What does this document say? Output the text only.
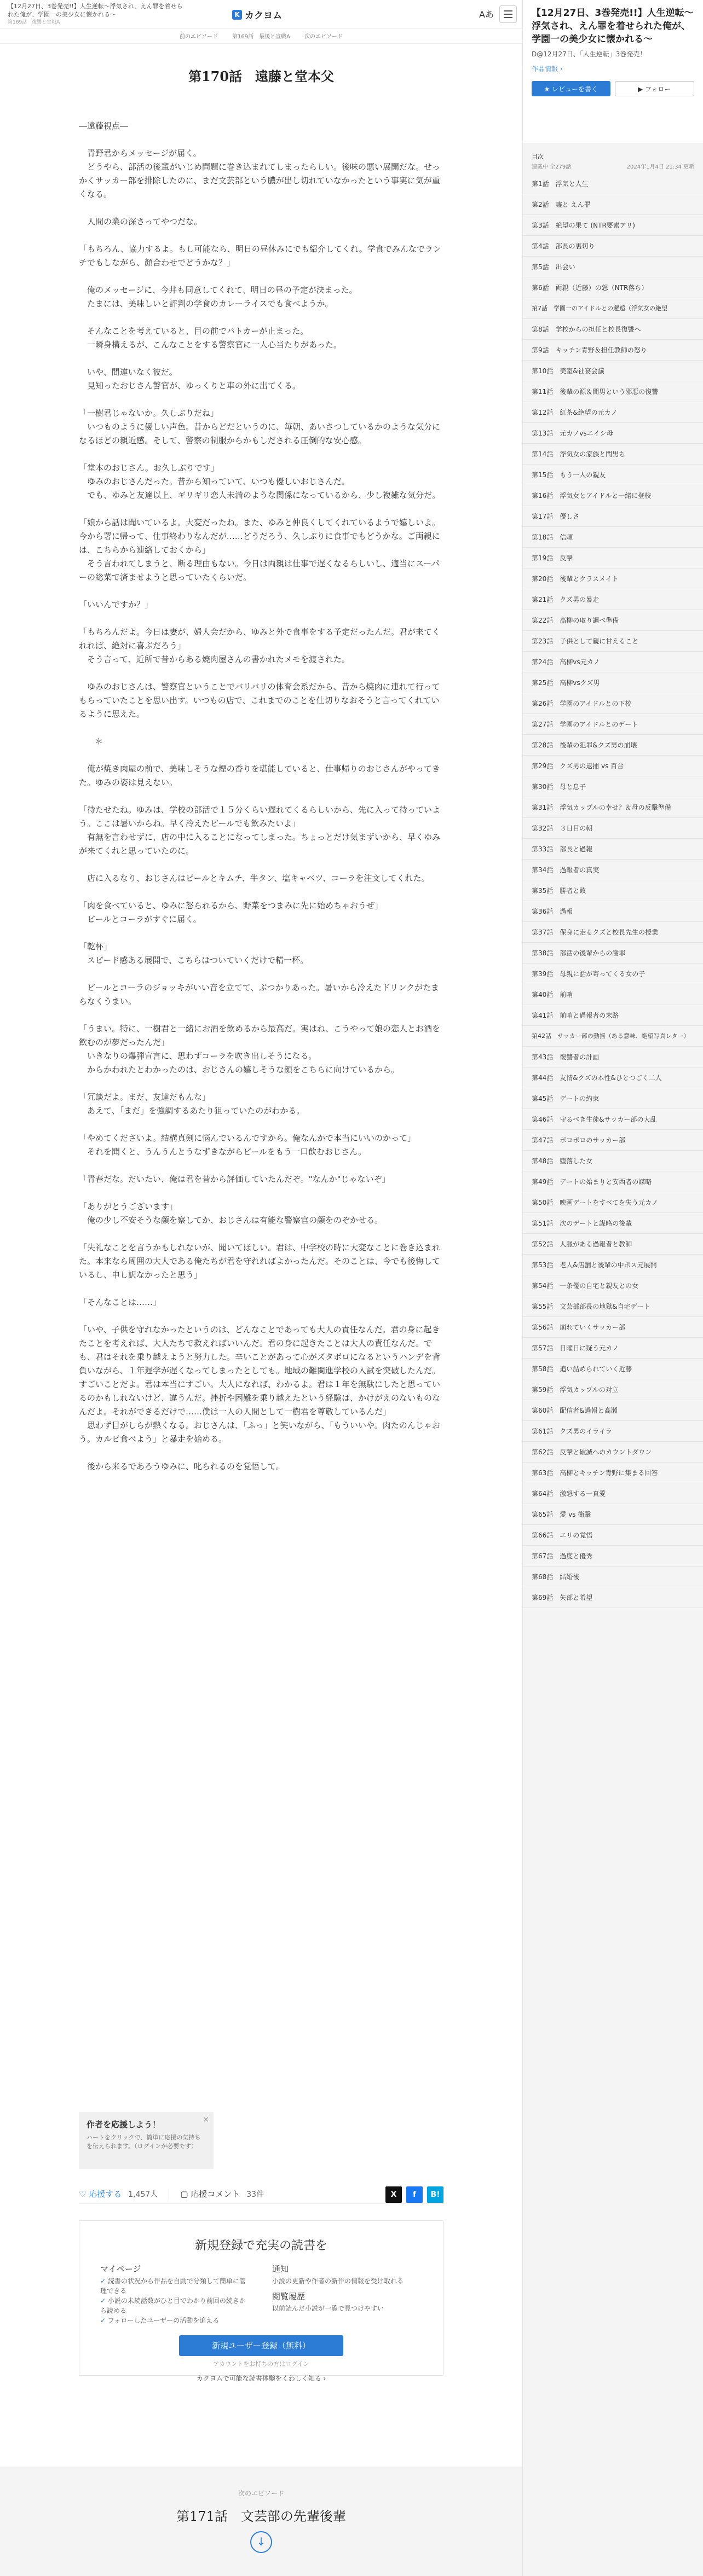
【12月27日、3巻発売!!】人生逆転〜浮気され、えん罪を着せられた俺が、学園一の美少女に懐かれる〜
第169話　復讐と宣戦A
K カクヨム	Aあ
前のエピソード	第169話　最後と宣戦A	次のエピソード
第170話　遠藤と堂本父

―遠藤視点―

　青野君からメッセージが届く。
　どうやら、部活の後輩がいじめ問題に巻き込まれてしまったらしい。後味の悪い展開だな。せっかくサッカー部を排除したのに、まだ文芸部という膿が出し切れていなかったという事実に気が重くなる。

　人間の業の深さってやつだな。

「もちろん、協力するよ。もし可能なら、明日の昼休みにでも紹介してくれ。学食でみんなでランチでもしながら、顔合わせでどうかな？」

　俺のメッセージに、今井も同意してくれて、明日の昼の予定が決まった。
　たまには、美味しいと評判の学食のカレーライスでも食べようか。

　そんなことを考えていると、目の前でパトカーが止まった。
　一瞬身構えるが、こんなことをする警察官に一人心当たりがあった。

　いや、間違いなく彼だ。
　見知ったおじさん警官が、ゆっくりと車の外に出てくる。

「一樹君じゃないか。久しぶりだね」
　いつものように優しい声色。昔からどだというのに、毎朝、あいさつしているかのような気分になるほどの親近感。そして、警察の制服からかもしだされる圧倒的な安心感。

「堂本のおじさん。お久しぶりです」
　ゆみのおじさんだった。昔から知っていて、いつも優しいおじさんだ。
　でも、ゆみと友達以上、ギリギリ恋人未満のような関係になっているから、少し複雑な気分だ。

「娘から話は聞いているよ。大変だったね。また、ゆみと仲良くしてくれているようで嬉しいよ。今から署に帰って、仕事終わりなんだが……どうだろう、久しぶりに食事でもどうかな。ご両親には、こちらから連絡しておくから」
　そう言われてしまうと、断る理由もない。今日は両親は仕事で遅くなるらしいし、適当にスーパーの総菜で済ませようと思っていたくらいだ。

「いいんですか？」

「もちろんだよ。今日は妻が、婦人会だから、ゆみと外で食事をする予定だったんだ。君が来てくれれば、絶対に喜ぶだろう」
　そう言って、近所で昔からある焼肉屋さんの書かれたメモを渡された。

　ゆみのおじさんは、警察官ということでバリバリの体育会系だから、昔から焼肉に連れて行ってもらっていたことを思い出す。いつもの店で、これまでのことを仕切りなおそうと言ってくれているように思えた。

　＊

　俺が焼き肉屋の前で、美味しそうな煙の香りを堪能していると、仕事帰りのおじさんがやってきた。ゆみの姿は見えない。

「待たせたね。ゆみは、学校の部活で１５分くらい遅れてくるらしいから、先に入って待っていよう。ここは暑いからね。早く冷えたビールでも飲みたいよ」
　有無を言わせずに、店の中に入ることになってしまった。ちょっとだけ気まずいから、早くゆみが来てくれと思っていたのに。

　店に入るなり、おじさんはビールとキムチ、牛タン、塩キャベツ、コーラを注文してくれた。

「肉を食べていると、ゆみに怒られるから、野菜をつまみに先に始めちゃおうぜ」
　ビールとコーラがすぐに届く。

「乾杯」
　スピード感ある展開で、こちらはついていくだけで精一杯。

　ビールとコーラのジョッキがいい音を立てて、ぶつかりあった。暑いから冷えたドリンクがたまらなくうまい。

「うまい。特に、一樹君と一緒にお酒を飲めるから最高だ。実はね、こうやって娘の恋人とお酒を飲むのが夢だったんだ」
　いきなりの爆弾宣言に、思わずコーラを吹き出しそうになる。
　からかわれたとわかったのは、おじさんの嬉しそうな顔をこちらに向けているから。

「冗談だよ。まだ、友達だもんな」
　あえて、「まだ」を強調するあたり狙っていたのがわかる。

「やめてくださいよ。結構真剣に悩んでいるんですから。俺なんかで本当にいいのかって」
　それを聞くと、うんうんとうなずきながらビールをもう一口飲むおじさん。

「青春だな。だいたい、俺は君を昔から評価していたんだぞ。"なんか"じゃないぞ」

「ありがとうございます」
　俺の少し不安そうな顔を察してか、おじさんは有能な警察官の顔をのぞかせる。

「失礼なことを言うかもしれないが、聞いてほしい。君は、中学校の時に大変なことに巻き込まれた。本来なら周囲の大人である俺たちが君を守れればよかったんだ。そのことは、今でも後悔しているし、申し訳なかったと思う」

「そんなことは……」

「いや、子供を守れなかったというのは、どんなことであっても大人の責任なんだ。君の身に起きたことを考えれば、大人たちで救えればいいんだ。君の身に起きたことは大人の責任なんだ。でも、君はそれを乗り越えようと努力した。辛いことがあって心がズタボロになるというハンデを背負いながら、１年遅学が遅くなってしまったとしても。地域の難関進学校の入試を突破したんだ。すごいことだよ。君は本当にすごい。大人になれば、わかるよ。君は１年を無駄にしたと思っているのかもしれないけど、違うんだ。挫折や困難を乗り越えたという経験は、かけがえのないものなんだよ。それができるだけで……僕は一人の人間として一樹君を尊敬しているんだ」
　思わず目がしらが熱くなる。おじさんは、「ふっ」と笑いながら、「もういいや。肉たのんじゃおう。カルビ食べよう」と暴走を始める。

　後から来るであろうゆみに、叱られるのを覚悟して。

×
作者を応援しよう！

ハートをクリックで、簡単に応援の気持ちを伝えられます。（ログインが必要です）

♡ 応援する 1,457人	▢ 応援コメント 33件	X	f	B!
新規登録で充実の読書を
マイページ
✓ 読書の状況から作品を自動で分類して簡単に管理できる
✓ 小説の未読話数がひと目でわかり前回の続きから読める
✓ フォローしたユーザーの活動を追える
通知

小説の更新や作者の新作の情報を受け取れる

閲覧履歴

以前読んだ小説が一覧で見つけやすい

新規ユーザー登録（無料）
アカウントをお持ちの方はログイン
カクヨムで可能な読書体験をくわしく知る ›
次のエピソード
第171話　文芸部の先輩後輩
↓
【12月27日、3巻発売!!】人生逆転〜浮気され、えん罪を着せられた俺が、学園一の美少女に懐かれる〜
D@12月27日、「人生逆転」3巻発売！
作品情報 ›
★ レビューを書く	▶ フォロー
目次
連載中 全279話	2024年1月4日 21:34 更新
第1話　浮気と人生
第2話　嘘と えん罪
第3話　絶望の果て (NTR要素アリ)
第4話　部長の裏切り
第5話　出会い
第6話　両親（近藤）の怒（NTR落ち）
第7話　学園一のアイドルとの邂逅（浮気女の絶望
第8話　学校からの担任と校長復讐へ
第9話　キッチン青野＆担任教師の怒り
第10話　美室&社宴会議
第11話　後輩の源＆間男という邪悪の復讐
第12話　紅茶&絶望の元カノ
第13話　元カノvsエイシ母
第14話　浮気女の家族と間男ち
第15話　もう一人の親友
第16話　浮気女とアイドルと一緒に登校
第17話　優しさ
第18話　信頼
第19話　反撃
第20話　後輩とクラスメイト
第21話　クズ男の暴走
第22話　高柳の取り調べ準備
第23話　子供として親に甘えること
第24話　高柳vs元カノ
第25話　高柳vsクズ男
第26話　学園のアイドルとの下校
第27話　学園のアイドルとのデート
第28話　後輩の犯罪&クズ男の崩壊
第29話　クズ男の逮捕 vs 百合
第30話　母と息子
第31話　浮気カップルの幸せ？＆母の反撃準備
第32話　３日目の朝
第33話　部長と過報
第34話　過報者の真実
第35話　勝者と敗
第36話　過報
第37話　保身に走るクズと校長先生の授業
第38話　部活の後輩からの謝罪
第39話　母親に話が寄ってくる女の子
第40話　前哨
第41話　前哨と過報者の末路
第42話　サッカー部の動揺（ある意味、絶望写真レター）
第43話　復讐者の計画
第44話　友情&クズの本性&ひとつごく二人
第45話　デートの約束
第46話　守るべき生徒&サッカー部の大乱
第47話　ボロボロのサッカー部
第48話　堕落した女
第49話　デートの始まりと安西者の謀略
第50話　映画デートをすべてを失う元カノ
第51話　次のデートと謀略の後輩
第52話　人脈がある過報者と教師
第53話　老人&店舗と後輩の中ボス元展開
第54話　一条優の自宅と親友との女
第55話　文芸部部長の地獄&自宅デート
第56話　崩れていくサッカー部
第57話　日曜日に疑う元カノ
第58話　追い詰められていく近藤
第59話　浮気カップルの対立
第60話　配信者&過報と高瀬
第61話　クズ男のイライラ
第62話　反撃と破滅へのカウントダウン
第63話　高柳とキッチン青野に集まる回答
第64話　激怒する一真愛
第65話　愛 vs 衝撃
第66話　エリの覚悟
第67話　過度と優秀
第68話　結婚後
第69話　矢部と希望
